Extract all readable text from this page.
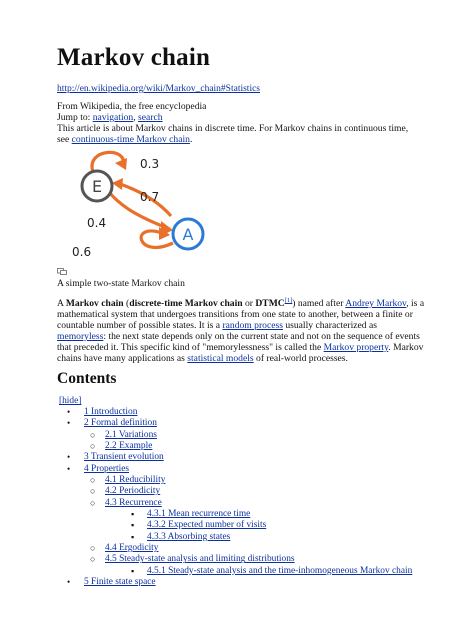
Markov chain
http://en.wikipedia.org/wiki/Markov_chain#Statistics
From Wikipedia, the free encyclopedia
Jump to: navigation, search
This article is about Markov chains in discrete time. For Markov chains in continuous time,
see continuous-time Markov chain.
E
A
0.3
0.7
0.4
0.6
A simple two-state Markov chain
A Markov chain (discrete-time Markov chain or DTMC[1]) named after Andrey Markov, is a mathematical system that undergoes transitions from one state to another, between a finite or countable number of possible states. It is a random process usually characterized as memoryless: the next state depends only on the current state and not on the sequence of events that preceded it. This specific kind of "memorylessness" is called the Markov property. Markov chains have many applications as statistical models of real-world processes.
Contents
[hide]
• 1 Introduction
• 2 Formal definition
○ 2.1 Variations
○ 2.2 Example
• 3 Transient evolution
• 4 Properties
○ 4.1 Reducibility
○ 4.2 Periodicity
○ 4.3 Recurrence
▪ 4.3.1 Mean recurrence time
▪ 4.3.2 Expected number of visits
▪ 4.3.3 Absorbing states
○ 4.4 Ergodicity
○ 4.5 Steady-state analysis and limiting distributions
▪ 4.5.1 Steady-state analysis and the time-inhomogeneous Markov chain
• 5 Finite state space
